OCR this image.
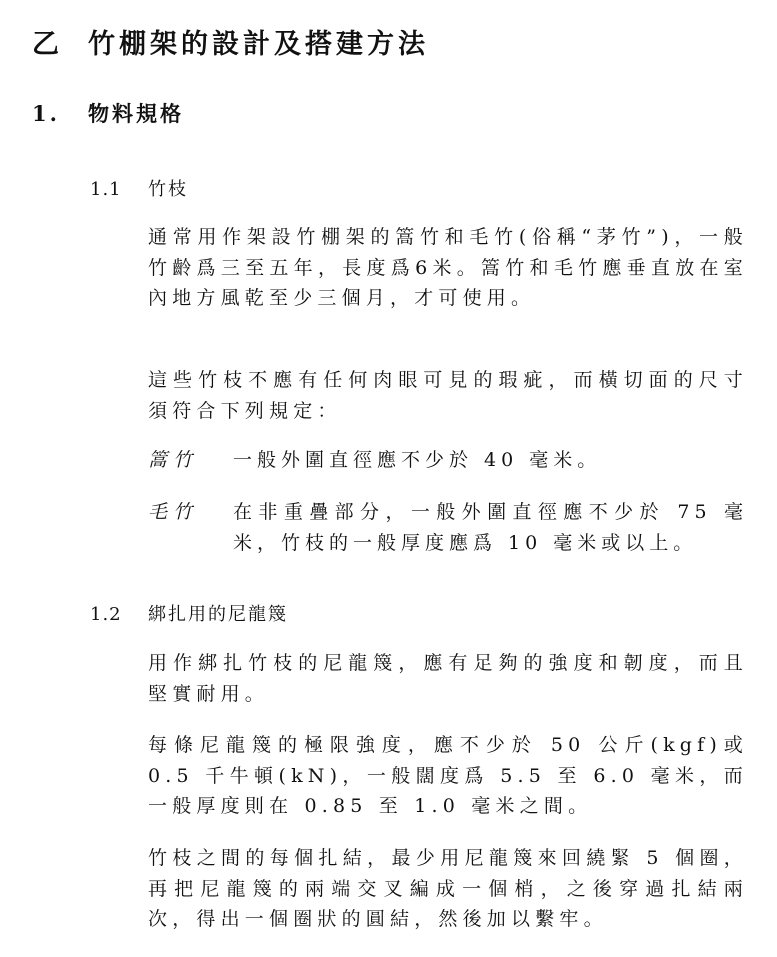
乙 竹棚架的設計及搭建方法
1. 物料規格
1.1 竹枝
通常用作架設竹棚架的篙竹和毛竹(俗稱“茅竹”)，一般竹齡爲三至五年，長度爲6米。篙竹和毛竹應垂直放在室內地方風乾至少三個月，才可使用。
這些竹枝不應有任何肉眼可見的瑕疵，而橫切面的尺寸須符合下列規定：
篙竹 一般外圍直徑應不少於 40 毫米。
毛竹 在非重疊部分，一般外圍直徑應不少於 75 毫米，竹枝的一般厚度應爲 10 毫米或以上。
1.2 綁扎用的尼龍篾
用作綁扎竹枝的尼龍篾，應有足夠的強度和韌度，而且堅實耐用。
每條尼龍篾的極限強度，應不少於 50 公斤(kgf)或 0.5 千牛頓(kN)，一般闊度爲 5.5 至 6.0 毫米，而一般厚度則在 0.85 至 1.0 毫米之間。
竹枝之間的每個扎結，最少用尼龍篾來回繞緊 5 個圈，再把尼龍篾的兩端交叉編成一個梢，之後穿過扎結兩次，得出一個圈狀的圓結，然後加以繫牢。
